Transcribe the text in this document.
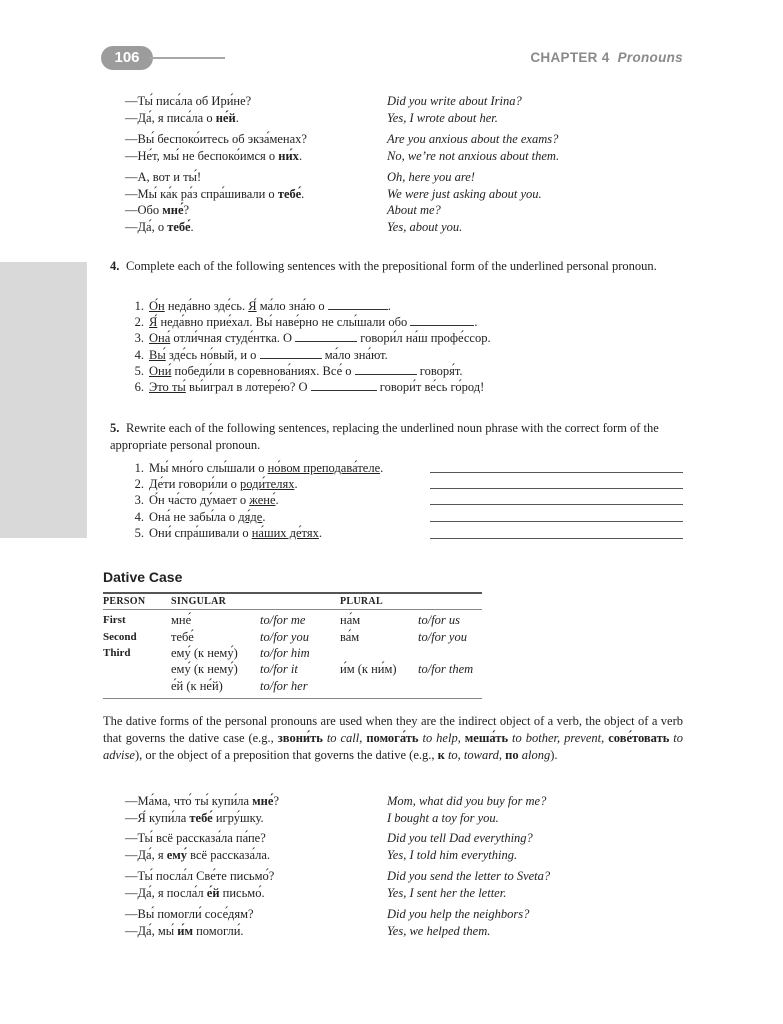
106	CHAPTER 4 Pronouns
—Ты́ писа́ла об Ири́не?
—Да́, я писа́ла о не́й.
Did you write about Irina?
Yes, I wrote about her.
—Вы́ беспоко́итесь об экза́менах?
—Не́т, мы́ не беспоко́имся о ни́х.
Are you anxious about the exams?
No, we’re not anxious about them.
—А, вот и ты́!
—Мы́ ка́к ра́з спра́шивали о тебе́.
—Обо мне́?
—Да́, о тебе́.
Oh, here you are!
We were just asking about you.
About me?
Yes, about you.
4. Complete each of the following sentences with the prepositional form of the underlined personal pronoun.
1. О́н неда́вно зде́сь. Я́ ма́ло зна́ю о	.
2. Я́ неда́вно прие́хал. Вы́ наве́рно не слы́шали обо	.
3. Она́ отли́чная студе́нтка. О	говори́л на́ш профе́ссор.
4. Вы́ зде́сь но́вый, и о	ма́ло зна́ют.
5. Они́ победи́ли в соревнова́ниях. Все́ о	говоря́т.
6. Это ты́ вы́играл в лотере́ю? О	говори́т ве́сь го́род!
5. Rewrite each of the following sentences, replacing the underlined noun phrase with the correct form of the appropriate personal pronoun.
1. Мы́ мно́го слы́шали о но́вом преподава́теле.
2. Де́ти говори́ли о роди́телях.
3. О́н ча́сто ду́мает о жене́.
4. Она́ не забы́ла о дя́де.
5. Они́ спра́шивали о на́ших де́тях.
Dative Case
PERSON	SINGULAR	PLURAL
First	мне́	to/for me	на́м	to/for us
Second	тебе́	to/for you ва́м	to/for you
Third	ему́ (к нему́) to/for him
ему́ (к нему́) to/for it	и́м (к ни́м) to/for them
е́й (к не́й)	to/for her
The dative forms of the personal pronouns are used when they are the indirect object of a verb, the object of a verb that governs the dative case (e.g., звони́ть to call, помога́ть to help, меша́ть to bother, prevent, сове́товать to advise), or the object of a preposition that governs the dative (e.g., к to, toward, по along).
—Ма́ма, что́ ты́ купи́ла мне́?
—Я́ купи́ла тебе́ игру́шку.
Mom, what did you buy for me?
I bought a toy for you.
—Ты́ всё рассказа́ла па́пе?
—Да́, я ему́ всё рассказа́ла.
Did you tell Dad everything?
Yes, I told him everything.
—Ты́ посла́л Све́те письмо́?
—Да́, я посла́л е́й письмо́.
Did you send the letter to Sveta?
Yes, I sent her the letter.
—Вы́ помогли́ сосе́дям?
—Да́, мы́ и́м помогли́.
Did you help the neighbors?
Yes, we helped them.
